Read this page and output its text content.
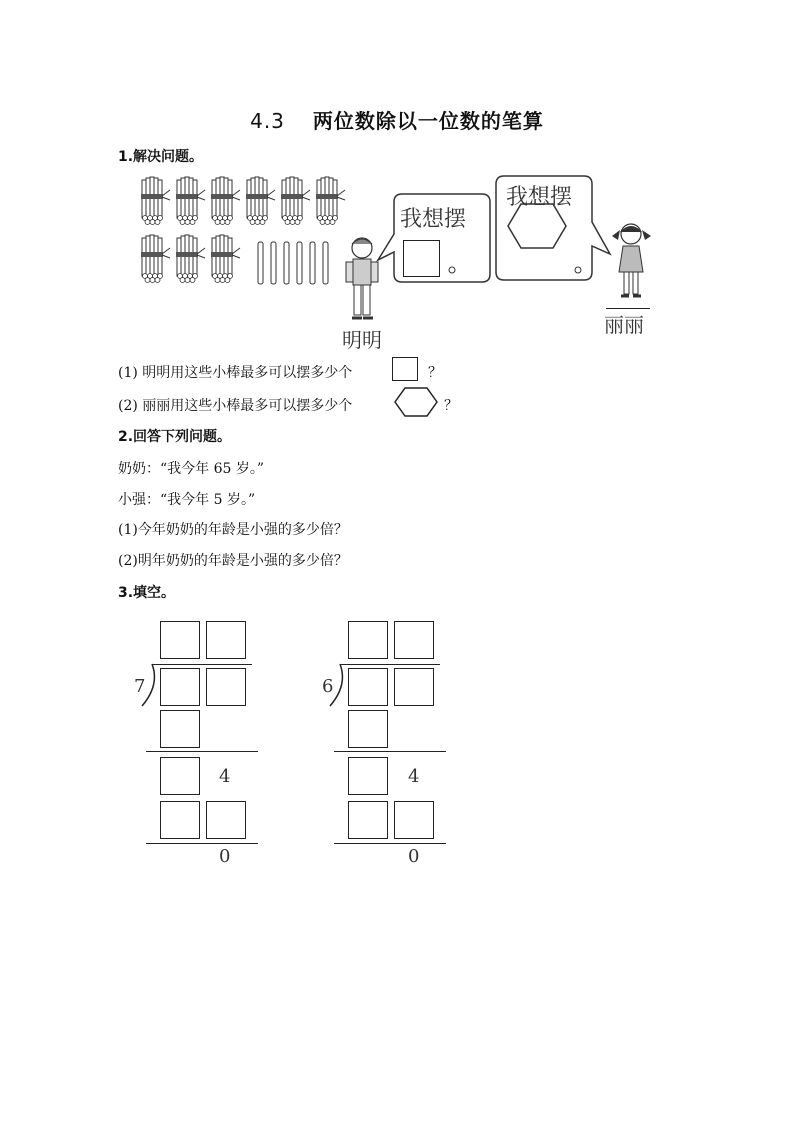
4.3 两位数除以一位数的笔算
1.解决问题。
明明
我想摆
我想摆
丽丽
(1) 明明用这些小棒最多可以摆多少个	？
(2) 丽丽用这些小棒最多可以摆多少个	？
2.回答下列问题。
奶奶：“我今年 65 岁。”
小强：“我今年 5 岁。”
(1)今年奶奶的年龄是小强的多少倍？
(2)明年奶奶的年龄是小强的多少倍？
3.填空。
7
4
0
6
4
0
